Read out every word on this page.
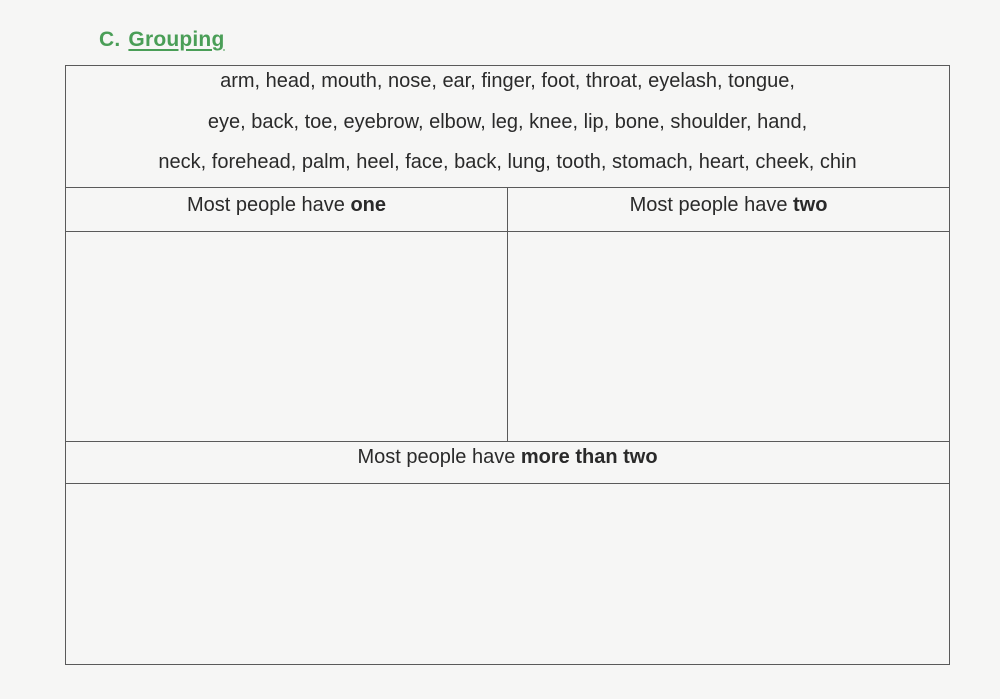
C. Grouping
arm, head, mouth, nose, ear, finger, foot, throat, eyelash, tongue,
eye, back, toe, eyebrow, elbow, leg, knee, lip, bone, shoulder, hand,
neck, forehead, palm, heel, face, back, lung, tooth, stomach, heart, cheek, chin
Most people have one	Most people have two
Most people have more than two
